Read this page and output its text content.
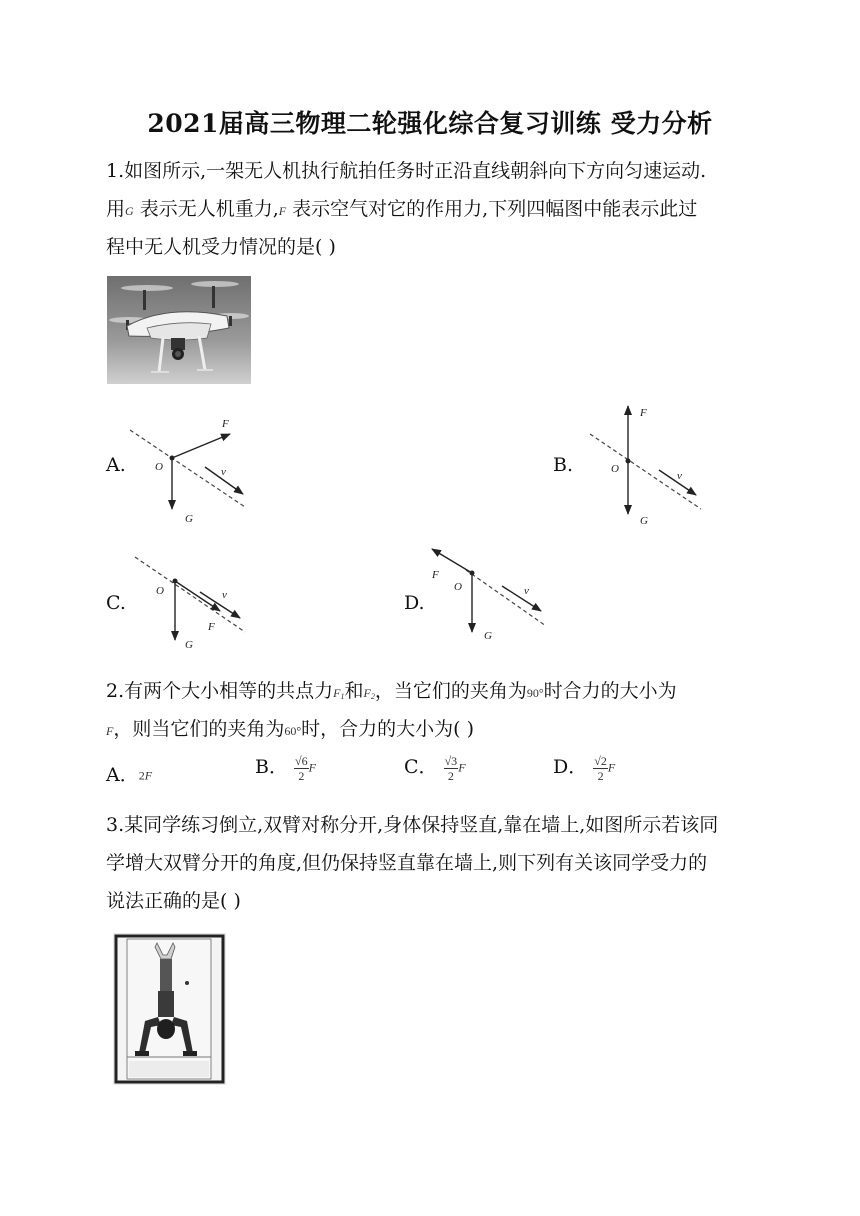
2021届高三物理二轮强化综合复习训练 受力分析
1.如图所示,一架无人机执行航拍任务时正沿直线朝斜向下方向匀速运动.
用G 表示无人机重力,F 表示空气对它的作用力,下列四幅图中能表示此过
程中无人机受力情况的是( )
A.
F
O	v
G
B.
F
O
v
G
C.
O	v
F
G
D.
F
O	v
G
2.有两个大小相等的共点力$F_1$和$F_2$，当它们的夹角为90°时合力的大小为
F，则当它们的夹角为60°时，合力的大小为( )
A．2F	B． $\frac{√6}{2}$ F	C． $\frac{√3}{2}$ F	D． $\frac{√2}{2}$ F
3.某同学练习倒立,双臂对称分开,身体保持竖直,靠在墙上,如图所示若该同
学增大双臂分开的角度,但仍保持竖直靠在墙上,则下列有关该同学受力的
说法正确的是( )
